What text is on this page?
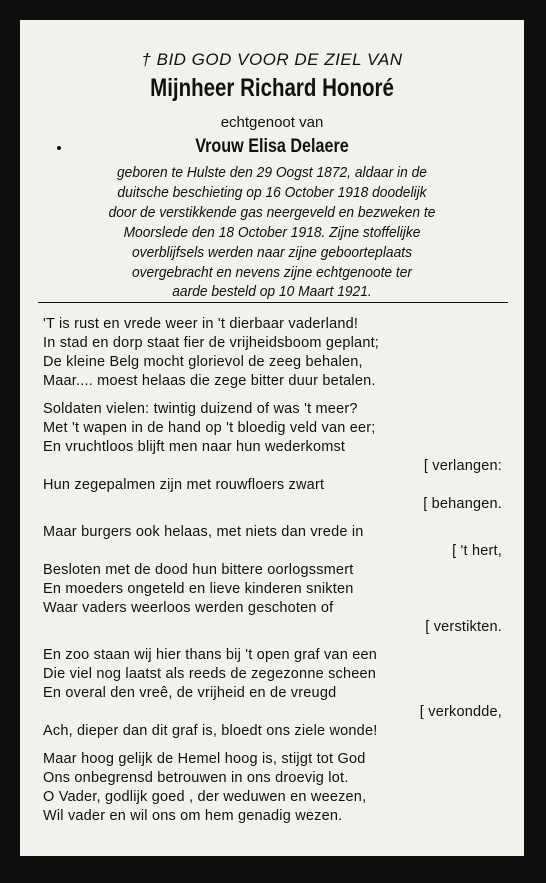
† BID GOD VOOR DE ZIEL VAN
Mijnheer Richard Honoré
echtgenoot van
Vrouw Elisa Delaere
geboren te Hulste den 29 Oogst 1872, aldaar in de
duitsche beschieting op 16 October 1918 doodelijk
door de verstikkende gas neergeveld en bezweken te
Moorslede den 18 October 1918. Zijne stoffelijke
overblijfsels werden naar zijne geboorteplaats
overgebracht en nevens zijne echtgenoote ter
aarde besteld op 10 Maart 1921.
'T is rust en vrede weer in 't dierbaar vaderland!
In stad en dorp staat fier de vrijheidsboom geplant;
De kleine Belg mocht glorievol de zeeg behalen,
Maar.... moest helaas die zege bitter duur betalen.
Soldaten vielen: twintig duizend of was 't meer?
Met 't wapen in de hand op 't bloedig veld van eer;
En vruchtloos blijft men naar hun wederkomst
[ verlangen:
Hun zegepalmen zijn met rouwfloers zwart
[ behangen.
Maar burgers ook helaas, met niets dan vrede in
[ 't hert,
Besloten met de dood hun bittere oorlogssmert
En moeders ongeteld en lieve kinderen snikten
Waar vaders weerloos werden geschoten of
[ verstikten.
En zoo staan wij hier thans bij 't open graf van een
Die viel nog laatst als reeds de zegezonne scheen
En overal den vreê, de vrijheid en de vreugd
[ verkondde,
Ach, dieper dan dit graf is, bloedt ons ziele wonde!
Maar hoog gelijk de Hemel hoog is, stijgt tot God
Ons onbegrensd betrouwen in ons droevig lot.
O Vader, godlijk goed , der weduwen en weezen,
Wil vader en wil ons om hem genadig wezen.
